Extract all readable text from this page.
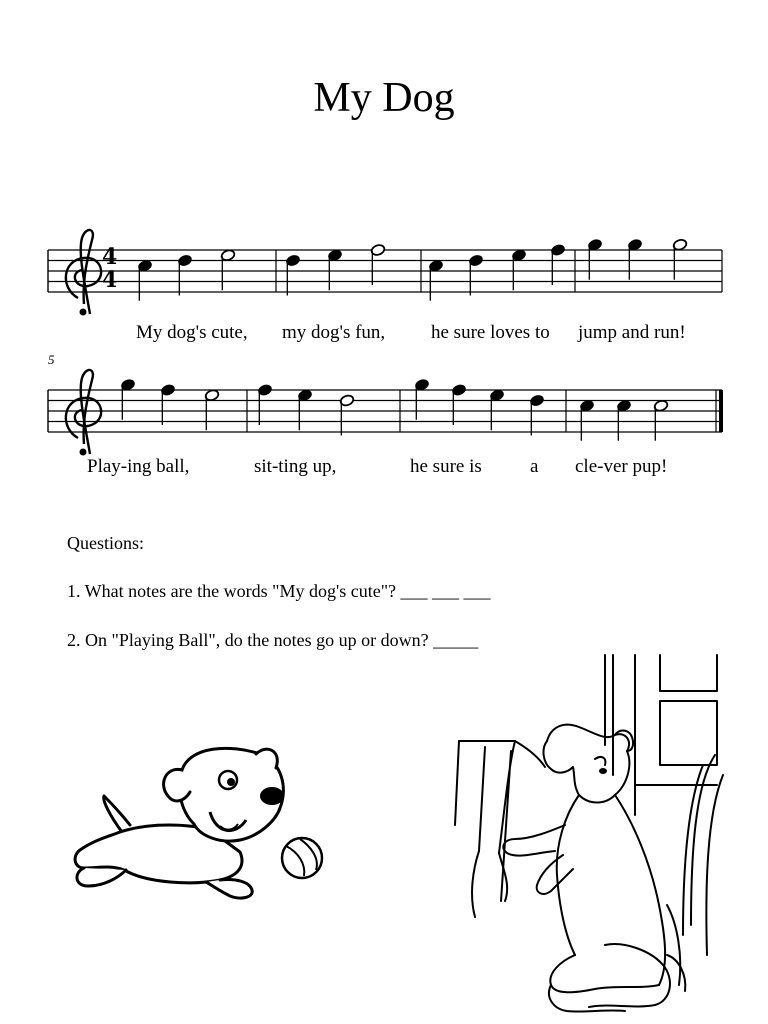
My Dog
4
4
My dog's cute, my dog's fun, he sure loves to jump and run!
5
Play-ing ball,	sit-ting up,	he sure is	a cle-ver pup!
Questions:
1. What notes are the words "My dog's cute"? ___ ___ ___
2. On "Playing Ball", do the notes go up or down? _____
